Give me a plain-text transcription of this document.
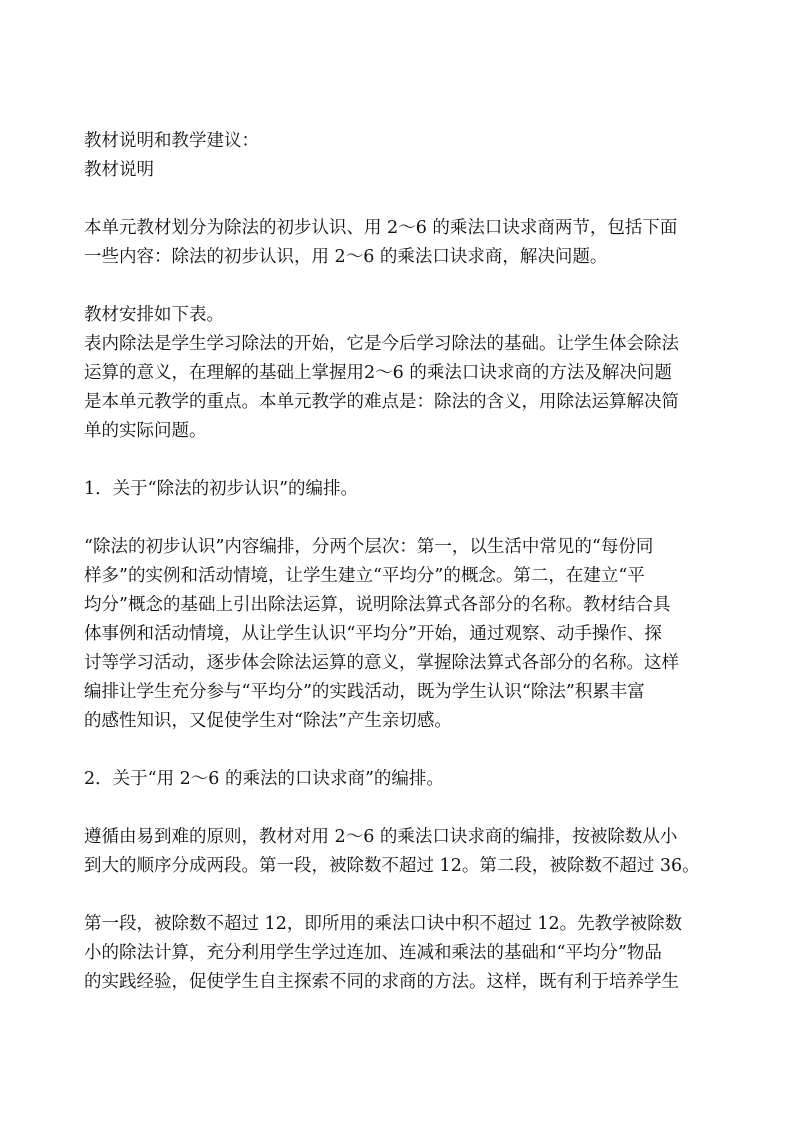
教材说明和教学建议：
教材说明
本单元教材划分为除法的初步认识、用 2～6 的乘法口诀求商两节，包括下面
一些内容：除法的初步认识，用 2～6 的乘法口诀求商，解决问题。
教材安排如下表。
表内除法是学生学习除法的开始，它是今后学习除法的基础。让学生体会除法
运算的意义，在理解的基础上掌握用2～6 的乘法口诀求商的方法及解决问题
是本单元教学的重点。本单元教学的难点是：除法的含义，用除法运算解决简
单的实际问题。
1．关于“除法的初步认识”的编排。
“除法的初步认识”内容编排，分两个层次：第一，以生活中常见的“每份同
样多”的实例和活动情境，让学生建立“平均分”的概念。第二，在建立“平
均分”概念的基础上引出除法运算，说明除法算式各部分的名称。教材结合具
体事例和活动情境，从让学生认识“平均分”开始，通过观察、动手操作、探
讨等学习活动，逐步体会除法运算的意义，掌握除法算式各部分的名称。这样
编排让学生充分参与“平均分”的实践活动，既为学生认识“除法”积累丰富
的感性知识，又促使学生对“除法”产生亲切感。
2．关于“用 2～6 的乘法的口诀求商”的编排。
遵循由易到难的原则，教材对用 2～6 的乘法口诀求商的编排，按被除数从小
到大的顺序分成两段。第一段，被除数不超过 12。第二段，被除数不超过 36。
第一段，被除数不超过 12，即所用的乘法口诀中积不超过 12。先教学被除数
小的除法计算，充分利用学生学过连加、连减和乘法的基础和“平均分”物品
的实践经验，促使学生自主探索不同的求商的方法。这样，既有利于培养学生
